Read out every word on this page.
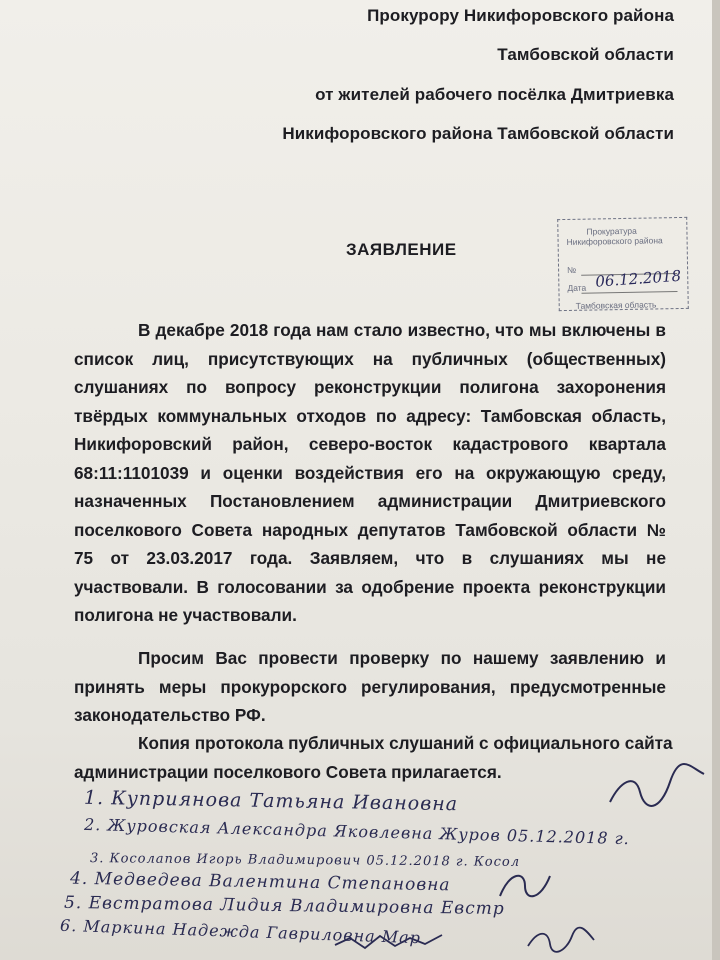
Прокурору Никифоровского района
Тамбовской области
от жителей рабочего посёлка Дмитриевка
Никифоровского района Тамбовской области
ЗАЯВЛЕНИЕ
Прокуратура
Никифоровского района
№
Дата 06.12.2018
Тамбовская область
В декабре 2018 года нам стало известно, что мы включены в
список лиц, присутствующих на публичных (общественных)
слушаниях по вопросу реконструкции полигона захоронения
твёрдых коммунальных отходов по адресу: Тамбовская область,
Никифоровский район, северо-восток кадастрового квартала
68:11:1101039 и оценки воздействия его на окружающую среду,
назначенных Постановлением администрации Дмитриевского
поселкового Совета народных депутатов Тамбовской области №
75 от 23.03.2017 года. Заявляем, что в слушаниях мы не
участвовали. В голосовании за одобрение проекта реконструкции
полигона не участвовали.
Просим Вас провести проверку по нашему заявлению и
принять меры прокурорского регулирования, предусмотренные
законодательство РФ.
Копия протокола публичных слушаний с официального сайта
администрации поселкового Совета прилагается.
1. Куприянова Татьяна Ивановна
2. Журовская Александра Яковлевна Журов 05.12.2018 г.
3. Косолапов Игорь Владимирович 05.12.2018 г. Косол
4. Медведева Валентина Степановна
5. Евстратова Лидия Владимировна Евстр
6. Маркина Надежда Гавриловна Мар
